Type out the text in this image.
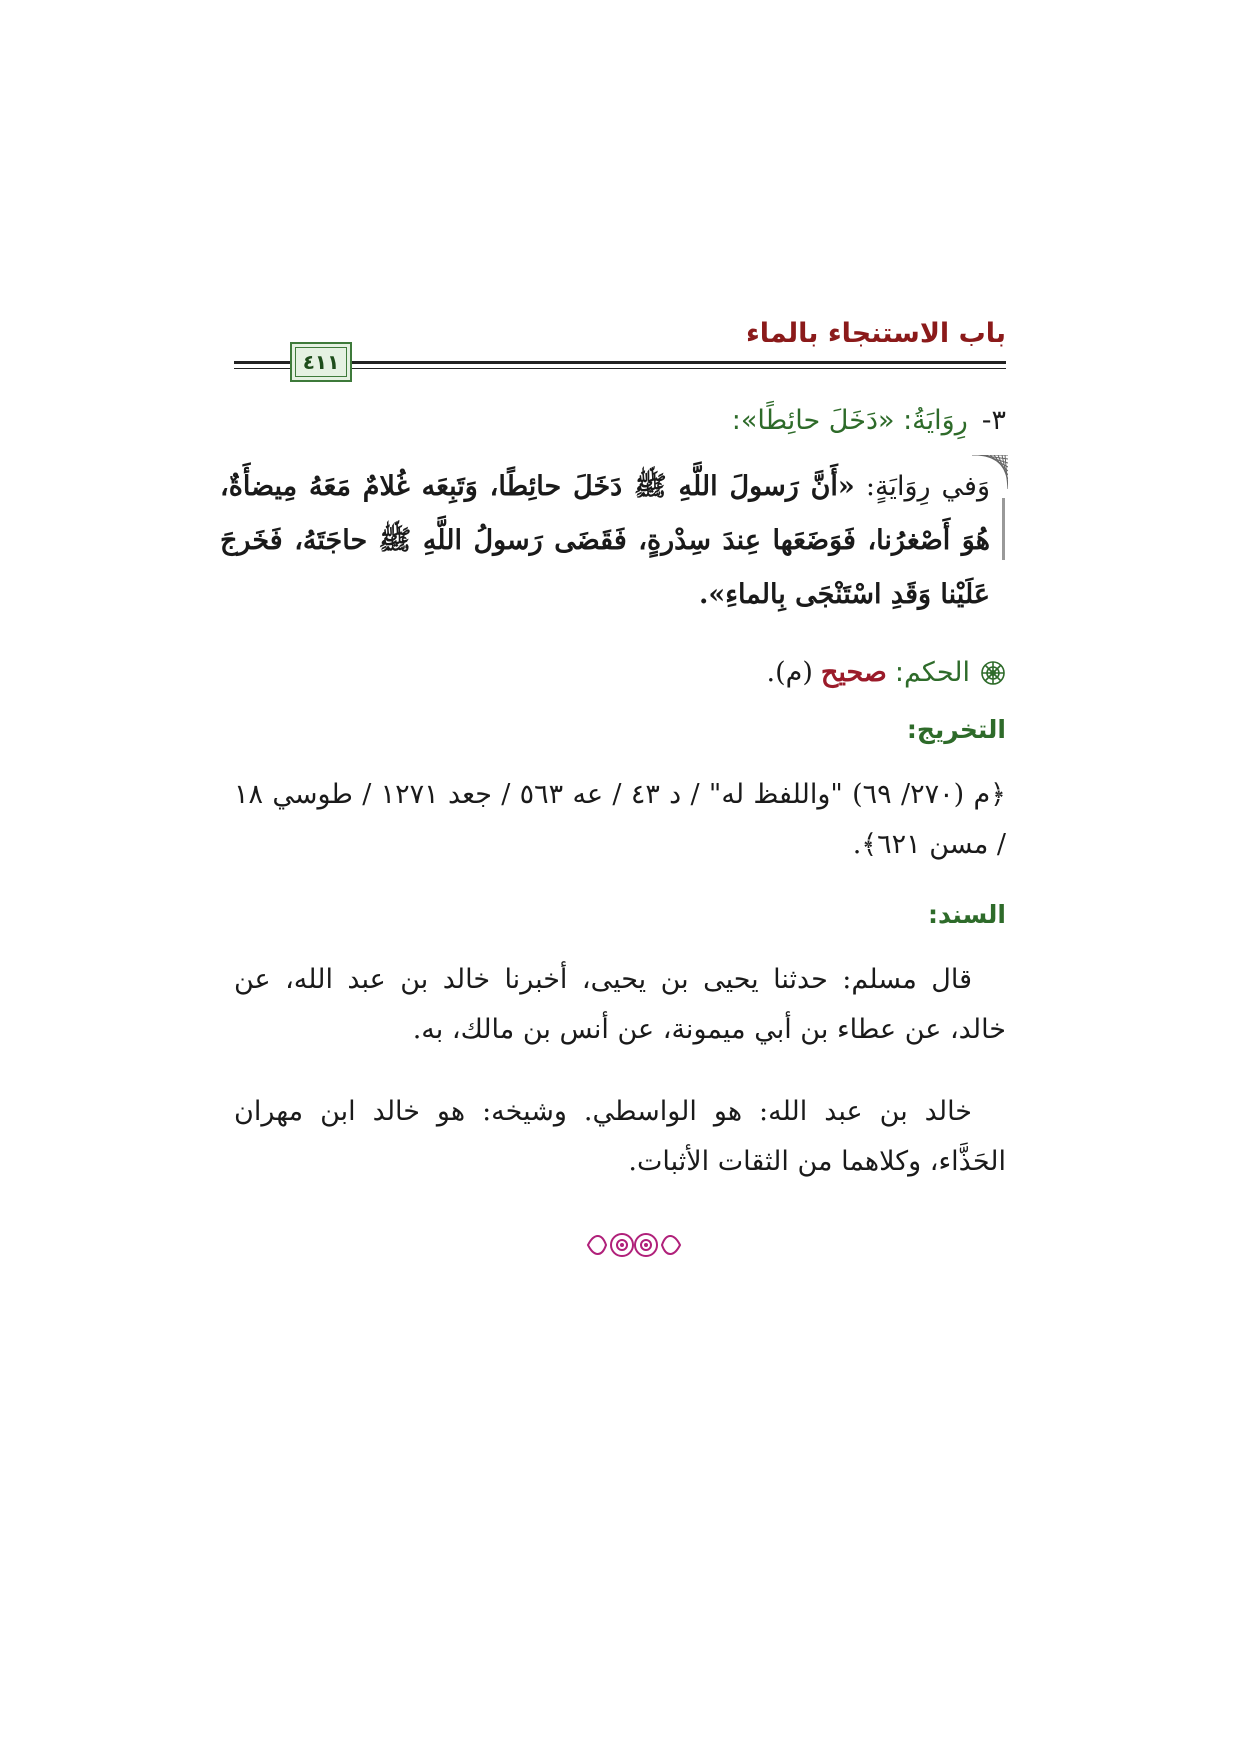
باب الاستنجاء بالماء
٤١١
٣-رِوَايَةُ: «دَخَلَ حائِطًا»:
وَفي رِوَايَةٍ: «أَنَّ رَسولَ اللَّهِ ﷺ دَخَلَ حائِطًا، وَتَبِعَه غُلامٌ مَعَهُ مِيضأَةٌ، هُوَ أَصْغرُنا، فَوَضَعَها عِندَ سِدْرةٍ، فَقَضَى رَسولُ اللَّهِ ﷺ حاجَتَهُ، فَخَرجَ عَلَيْنا وَقَدِ اسْتَنْجَى بِالماءِ».
الحكم:
صحيح
(م).
التخريج:
﴿م (٢٧٠/ ٦٩) "واللفظ له" / د ٤٣ / عه ٥٦٣ / جعد ١٢٧١ / طوسي ١٨ / مسن ٦٢١﴾.
السند:
قال مسلم: حدثنا يحيى بن يحيى، أخبرنا خالد بن عبد الله، عن خالد، عن عطاء بن أبي ميمونة، عن أنس بن مالك، به.
خالد بن عبد الله: هو الواسطي. وشيخه: هو خالد ابن مهران الحَذَّاء، وكلاهما من الثقات الأثبات.
